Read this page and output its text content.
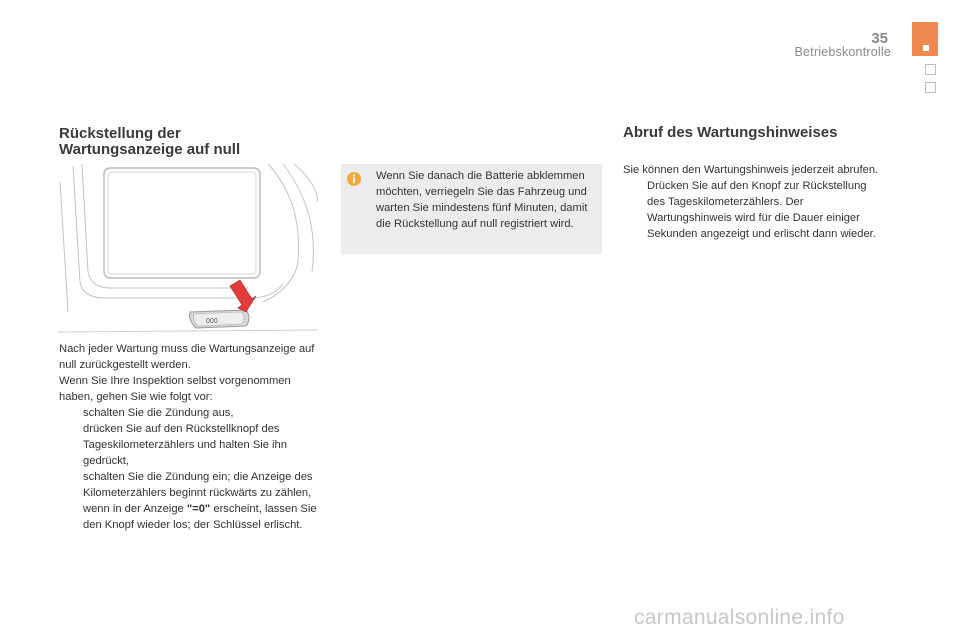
35
Betriebskontrolle
Rückstellung der
Wartungsanzeige auf null
000
Nach jeder Wartung muss die Wartungsanzeige auf null zurückgestellt werden.
Wenn Sie Ihre Inspektion selbst vorgenommen haben, gehen Sie wie folgt vor:
schalten Sie die Zündung aus,
drücken Sie auf den Rückstellknopf des Tageskilometerzählers und halten Sie ihn gedrückt,
schalten Sie die Zündung ein; die Anzeige des Kilometerzählers beginnt rückwärts zu zählen,
wenn in der Anzeige "=0" erscheint, lassen Sie den Knopf wieder los; der Schlüssel erlischt.
Wenn Sie danach die Batterie abklemmen möchten, verriegeln Sie das Fahrzeug und warten Sie mindestens fünf Minuten, damit die Rückstellung auf null registriert wird.
Abruf des Wartungshinweises
Sie können den Wartungshinweis jederzeit abrufen.
Drücken Sie auf den Knopf zur Rückstellung des Tageskilometerzählers. Der Wartungshinweis wird für die Dauer einiger Sekunden angezeigt und erlischt dann wieder.
carmanualsonline.info
